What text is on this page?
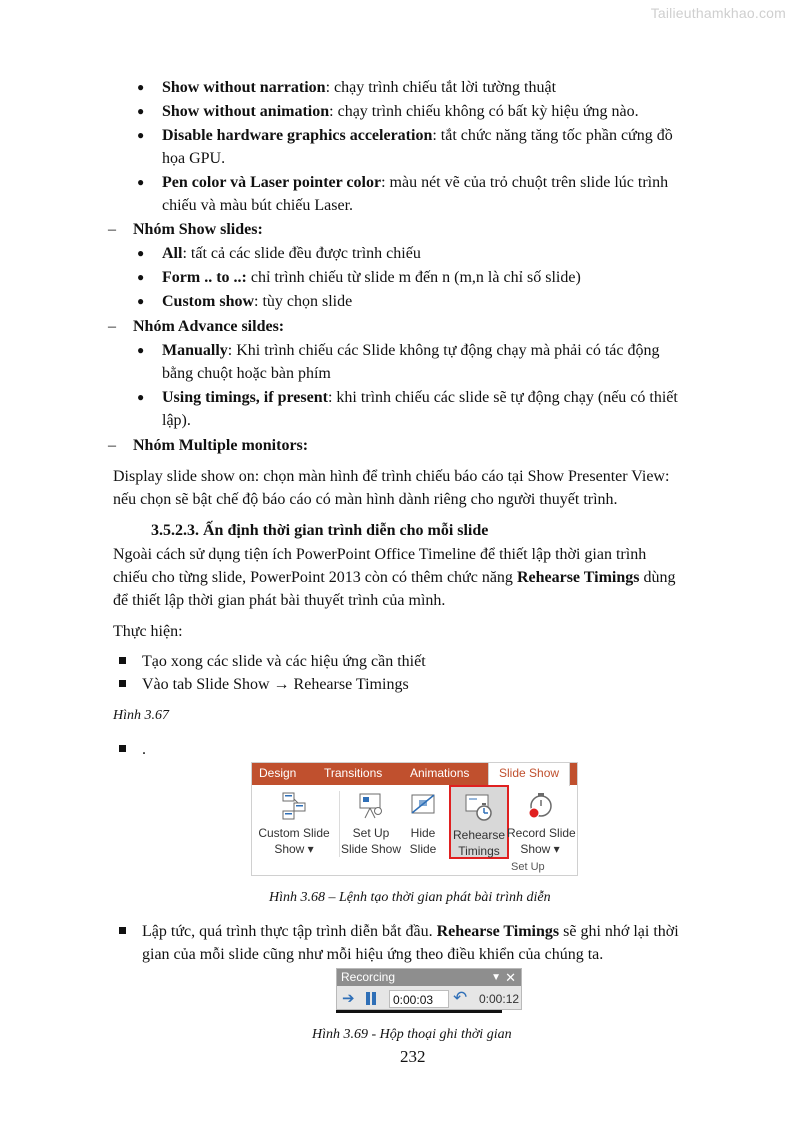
Tailieuthamkhao.com
● Show without narration: chạy trình chiếu tắt lời tường thuật
● Show without animation: chạy trình chiếu không có bất kỳ hiệu ứng nào.
● Disable hardware graphics acceleration: tắt chức năng tăng tốc phần cứng đồ
họa GPU.
● Pen color và Laser pointer color: màu nét vẽ của trỏ chuột trên slide lúc trình
chiếu và màu bút chiếu Laser.
– Nhóm Show slides:
● All: tất cả các slide đều được trình chiếu
● Form .. to ..: chỉ trình chiếu từ slide m đến n (m,n là chỉ số slide)
● Custom show: tùy chọn slide
– Nhóm Advance sildes:
● Manually: Khi trình chiếu các Slide không tự động chạy mà phải có tác động
bằng chuột hoặc bàn phím
● Using timings, if present: khi trình chiếu các slide sẽ tự động chạy (nếu có thiết
lập).
– Nhóm Multiple monitors:
Display slide show on: chọn màn hình để trình chiếu báo cáo tại Show Presenter View:
nếu chọn sẽ bật chế độ báo cáo có màn hình dành riêng cho người thuyết trình.
3.5.2.3. Ấn định thời gian trình diễn cho mỗi slide
Ngoài cách sử dụng tiện ích PowerPoint Office Timeline để thiết lập thời gian trình
chiếu cho từng slide, PowerPoint 2013 còn có thêm chức năng Rehearse Timings dùng
để thiết lập thời gian phát bài thuyết trình của mình.
Thực hiện:
Tạo xong các slide và các hiệu ứng cần thiết
Vào tab Slide Show → Rehearse Timings
Hình 3.67
.
Design Transitions Animations	Slide Show
Custom Slide
Show ▾
Set Up
Slide Show
Hide
Slide
Rehearse
Timings
Record Slide
Show ▾
Set Up
Hình 3.68 – Lệnh tạo thời gian phát bài trình diễn
Lập tức, quá trình thực tập trình diễn bắt đầu. Rehearse Timings sẽ ghi nhớ lại thời
gian của mỗi slide cũng như mỗi hiệu ứng theo điều khiển của chúng ta.
Recorcing	▼ ✕
➔	0:00:03	↶ 0:00:12
Hình 3.69 - Hộp thoại ghi thời gian
232
